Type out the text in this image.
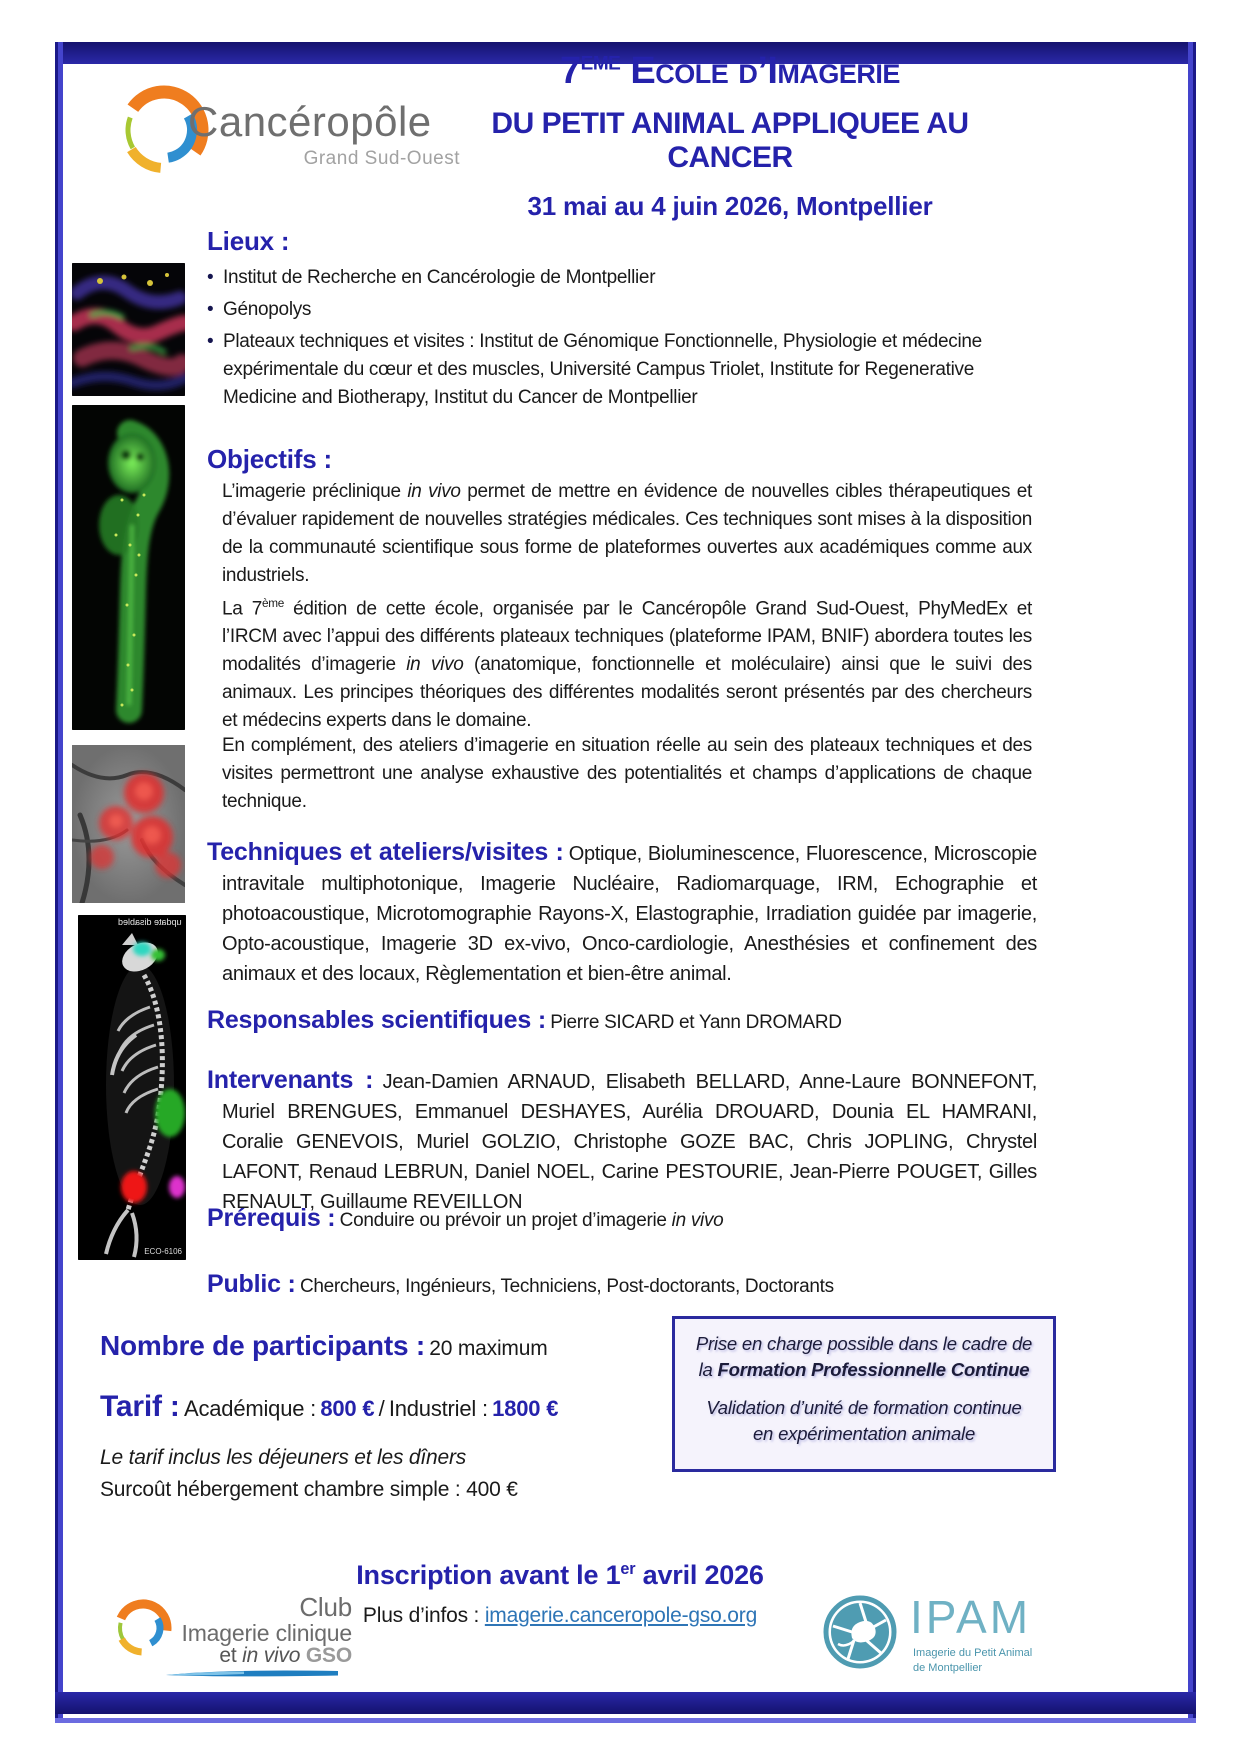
Cancéropôle
Grand Sud-Ouest
7EME Ecole d’Imagerie
DU PETIT ANIMAL APPLIQUEE AU CANCER
31 mai au 4 juin 2026, Montpellier
update disabled
ECO-6106
Lieux :
• Institut de Recherche en Cancérologie de Montpellier
• Génopolys
• Plateaux techniques et visites : Institut de Génomique Fonctionnelle, Physiologie et médecine expérimentale du cœur et des muscles, Université Campus Triolet, Institute for Regenerative Medicine and Biotherapy, Institut du Cancer de Montpellier
Objectifs :

L’imagerie préclinique in vivo permet de mettre en évidence de nouvelles cibles thérapeutiques et d’évaluer rapidement de nouvelles stratégies médicales. Ces techniques sont mises à la disposition de la communauté scientifique sous forme de plateformes ouvertes aux académiques comme aux industriels.

La 7ème édition de cette école, organisée par le Cancéropôle Grand Sud-Ouest, PhyMedEx et l’IRCM avec l’appui des différents plateaux techniques (plateforme IPAM, BNIF) abordera toutes les modalités d’imagerie in vivo (anatomique, fonctionnelle et moléculaire) ainsi que le suivi des animaux. Les principes théoriques des différentes modalités seront présentés par des chercheurs et médecins experts dans le domaine.

En complément, des ateliers d’imagerie en situation réelle au sein des plateaux techniques et des visites permettront une analyse exhaustive des potentialités et champs d’applications de chaque technique.

Techniques et ateliers/visites : Optique, Bioluminescence, Fluorescence, Microscopie intravitale multiphotonique, Imagerie Nucléaire, Radiomarquage, IRM, Echographie et photoacoustique, Microtomographie Rayons-X, Elastographie, Irradiation guidée par imagerie, Opto-acoustique, Imagerie 3D ex-vivo, Onco-cardiologie, Anesthésies et confinement des animaux et des locaux, Règlementation et bien-être animal.
Responsables scientifiques : Pierre SICARD et Yann DROMARD
Intervenants : Jean-Damien ARNAUD, Elisabeth BELLARD, Anne-Laure BONNEFONT, Muriel BRENGUES, Emmanuel DESHAYES, Aurélia DROUARD, Dounia EL HAMRANI, Coralie GENEVOIS, Muriel GOLZIO, Christophe GOZE BAC, Chris JOPLING, Chrystel LAFONT, Renaud LEBRUN, Daniel NOEL, Carine PESTOURIE, Jean-Pierre POUGET, Gilles RENAULT, Guillaume REVEILLON
Prérequis : Conduire ou prévoir un projet d’imagerie in vivo
Public : Chercheurs, Ingénieurs, Techniciens, Post-doctorants, Doctorants
Nombre de participants : 20 maximum
Tarif : Académique : 800 € / Industriel : 1800 €
Le tarif inclus les déjeuners et les dîners
Surcoût hébergement chambre simple : 400 €
Prise en charge possible dans le cadre de
la Formation Professionnelle Continue
Validation d’unité de formation continue
en expérimentation animale
Inscription avant le 1er avril 2026
Plus d’infos : imagerie.canceropole-gso.org
Club
Imagerie clinique
et in vivo GSO
IPAM
Imagerie du Petit Animal
de Montpellier
